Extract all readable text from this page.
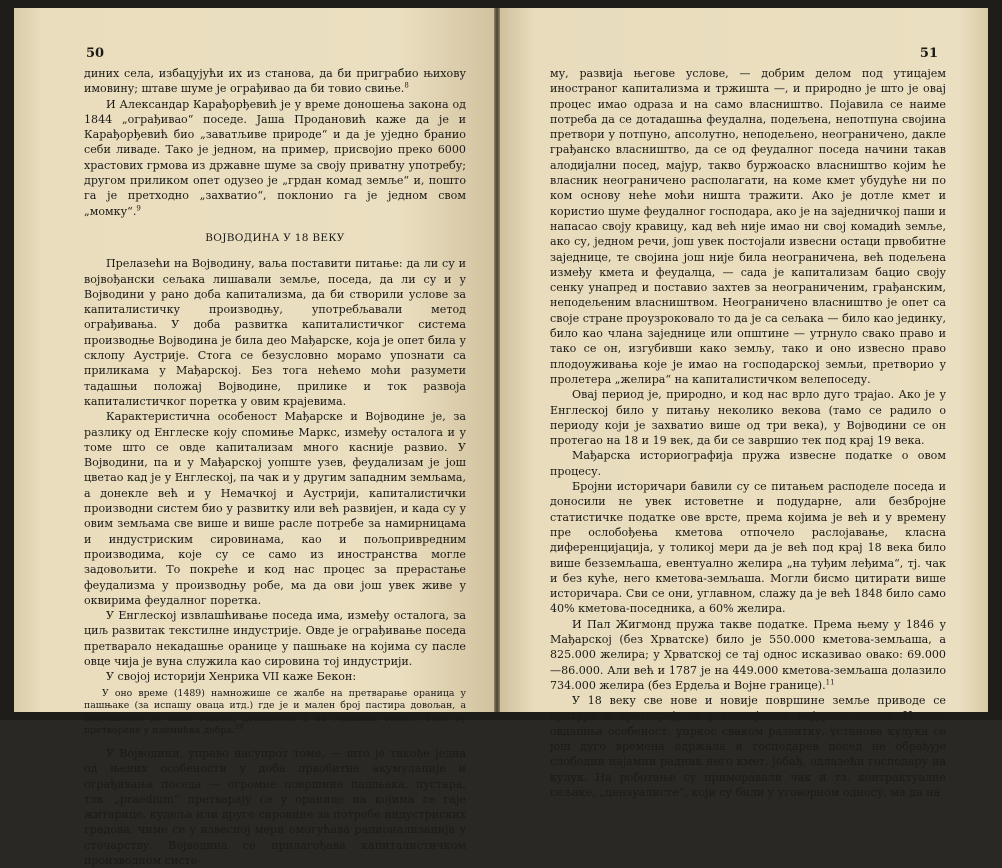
50

диних села, избацујући их из станова, да би пригрaбио њихову имовину; штаве шуме је ограђивао да би товио свиње.$^8$

И Александар Карађорђевић је у време доношења закона од 1844 „ограђивао“ поседе. Јаша Продановић каже да је и Карађорђевић био „заватљиве природе“ и да је уједно бранио себи ливаде. Тако је једном, на пример, присвојио преко 6000 храстових грмова из државне шуме за своју приватну употребу; другом приликом опет одузео је „грдан комад земље“ и, пошто га је претходно „захватио“, поклонио га је једном свом „момку“.$^9$

ВОЈВОДИНА У 18 ВЕКУ

Прелазећи на Војводину, ваља поставити питање: да ли су и војвођански сељака лишавали земље, поседа, да ли су и у Војводини у рано доба капитализма, да би створили услове за капиталистичку производњу, употребљавали метод ограђивања. У доба развитка капиталистичког система производње Војводина је била део Мађарске, која је опет била у склопу Аустрије. Стога се безусловно морамо упознати са приликама у Мађарској. Без тога нећемо моћи разумети тадашњи положај Војводине, прилике и ток развоја капиталистичког поретка у овим крајевима.

Карактеристична особеност Мађарске и Војводине је, за разлику од Енглеске коју спомиње Маркс, између осталога и у томе што се овде капитализам много касније развио. У Војводини, па и у Мађарској уопште узев, феудализам је још цветао кад је у Енглеској, па чак и у другим западним земљама, а донекле већ и у Немачкој и Аустрији, капиталистички производни систем био у развитку или већ развијен, и када су у овим земљама све више и више расле потребе за намирницама и индустриским сировинама, као и пољопривредним производима, које су се само из иностранства могле задовољити. То покреће и код нас процес за прерастање феудализма у производњу робе, ма да ови још увек живе у оквирима феудалног поретка.

У Енглеској извлашћивање поседа има, између осталога, за циљ развитак текстилне индустрије. Овде је ограђивање поседа претварало некадашње оранице у пашњаке на којима су пасле овце чија је вуна служила као сировина тој индустрији.

У својој историји Хенрика VII каже Бекон:

У оно време (1489) намножише се жалбе на претварање ораница у пашњаке (за испашу оваца итд.) где је и мален број пастира довољан, а закупштине на више година, доживотне и на годишњи отказ... биле су претворене у племићка добра.$^{10}$

У Војводини, управо насупрот томе, — што је такође једна од њених особености у доба првобитне акумулације и ограђивања поседа — огромне површине пашњака, пустара, тзв. „praedium“ претварају се у оранице на којима се гаје житарице, кудеља или друге сировине за потребе индустриских градова, чиме се у извесној мери омогућава рационализација у сточарству. Војводина се прилагођава капиталистичком производном систе-

51

му, развија његове услове, — добрим делом под утицајем иностраног капитализма и тржишта —, и природно је што је овај процес имао одраза и на само власништво. Појавила се наиме потреба да се дотадашња феудална, подељена, непотпуна својина претвори у потпуно, апсолутно, неподељено, неограничено, дакле грађанско власништво, да се од феудалног поседа начини такав алодијални посед, мајур, такво буржоаско власништво којим ће власник неограничено располагати, на коме кмет убудуће ни по ком основу неће моћи ништа тражити. Ако је дотле кмет и користио шуме феудалног господара, ако је на заједничкој паши и напасао своју кравицу, кад већ није имао ни свој комадић земље, ако су, једном речи, још увек постојали извесни остаци првобитне заједнице, те својина још није била неограничена, већ подељена између кмета и феудалца, — сада је капитализам бацио своју сенку унапред и поставио захтев за неограниченим, грађанским, неподељеним власништвом. Неограничено власништво је опет са своје стране проузроковало то да је са сељака — било као јединку, било као члана заједнице или општине — утрнуло свако право и тако се он, изгубивши како земљу, тако и оно извесно право плодоуживања које је имао на господарској земљи, претворио у пролетера „желира“ на капиталистичком велепоседу.

Овај период је, природно, и код нас врло дуго трајао. Ако је у Енглеској било у питању неколико векова (тамо се радило о периоду који је захватио више од три века), у Војводини се он протегао на 18 и 19 век, да би се завршио тек под крај 19 века.

Мађарска историографија пружа извесне податке о овом процесу.

Бројни историчари бавили су се питањем расподеле поседа и доносили не увек истоветне и подударне, али безбројне статистичке податке ове врсте, према којима је већ и у времену пре ослобођења кметова отпочело раслојавање, класна диференцијација, у толикој мери да је већ под крај 18 века било више безземљаша, евентуално желира „на туђим леђима“, тј. чак и без куће, него кметова-земљаша. Могли бисмо цитирати више историчара. Сви се они, углавном, слажу да је већ 1848 било само 40% кметова-поседника, а 60% желира.

И Пал Жигмонд пружа такве податке. Према њему у 1846 у Мађарској (без Хрватске) било је 550.000 кметова-земљаша, а 825.000 желира; у Хрватској се тај однос исказивао овако: 69.000—86.000. Али већ и 1787 је на 449.000 кметова-земљаша долазило 734.000 желира (без Ердеља и Војне границе).$^{11}$

У 18 веку све нове и новије површине земље приводе се култури и претварају се у алодијалне, мајурске земље. И опет овдашња особеност: упркос сваком развитку, установа кулука се још дуго времена одржала и господарев посед не обрађује слободни најамни радник него кмет, јобађ, одлазећи господару на кулук. На роботање су приморавали чак и тз. контрактуалне сељаке, „цензуалисте“, који су били у уговорном односу, ма да на
